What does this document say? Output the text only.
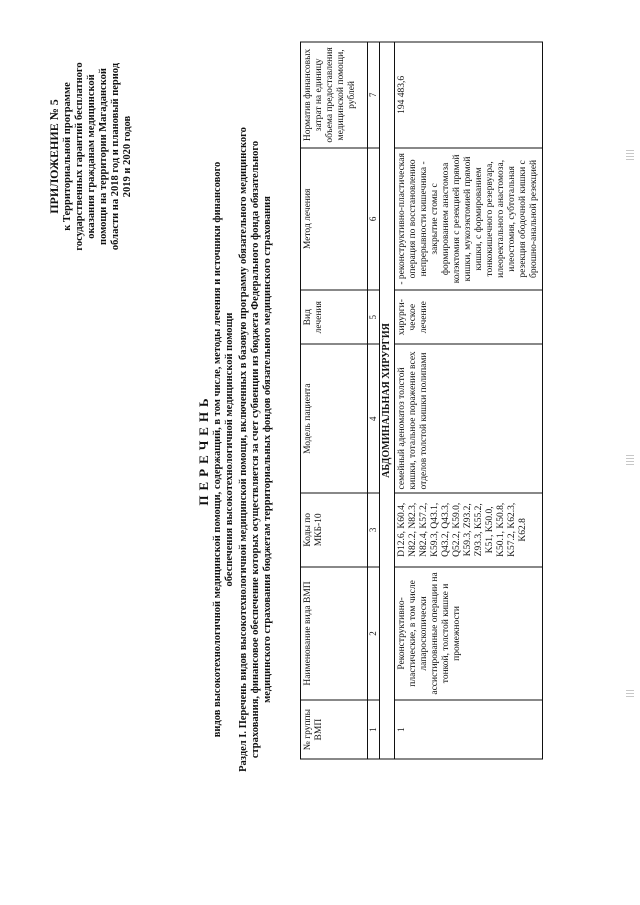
ПРИЛОЖЕНИЕ № 5 к Территориальной программе государственных гарантий бесплатного оказания гражданам медицинской помощи на территории Магаданской области на 2018 год и плановый период 2019 и 2020 годов
ПЕРЕЧЕНЬ видов высокотехнологичной медицинской помощи, содержащий, в том числе, методы лечения и источники финансового обеспечения высокотехнологичной медицинской помощи Раздел I. Перечень видов высокотехнологичной медицинской помощи, включенных в базовую программу обязательного медицинского страхования, финансовое обеспечение которых осуществляется за счет субвенции из бюджета Федерального фонда обязательного медицинского страхования бюджетам территориальных фондов обязательного медицинского страхования
№ группы ВМП	Наименование вида ВМП	Коды по МКБ-10	Модель пациента	Вид лечения	Метод лечения	Норматив финансовых затрат на единицу объема предоставления медицинской помощи, рублей
1	2	3	4	5	6	7
АБДОМИНАЛЬНАЯ ХИРУРГИЯ						
1	Реконструктивно-пластические, в том числе лапароскопически ассистированные операции на тонкой, толстой кишке и промежности	D12.6, K60.4, N82.2, N82.3, N82.4, K57.2, K59.3, Q43.1, Q43.2, Q43.3, Q52.2, K59.0, K59.3, Z93.2, Z93.3, K55.2, K51, K50.0, K50.1, K50.8, K57.2, K62.3, K62.8	семейный аденоматоз толстой кишки, тотальное поражение всех отделов толстой кишки полипами	хирурги-ческое лечение	- реконструктивно-пластическая операция по восстановлению непрерывности кишечника - закрытие стомы с формированием анастомоза колэктомия с резекцией прямой кишки, мукозэктомией прямой кишки, с формированием тонкокишечного резервуара, илеоректального анастомоза, илеостомия, субтотальная резекция ободочной кишки с брюшно-анальной резекцией	194 483,6
